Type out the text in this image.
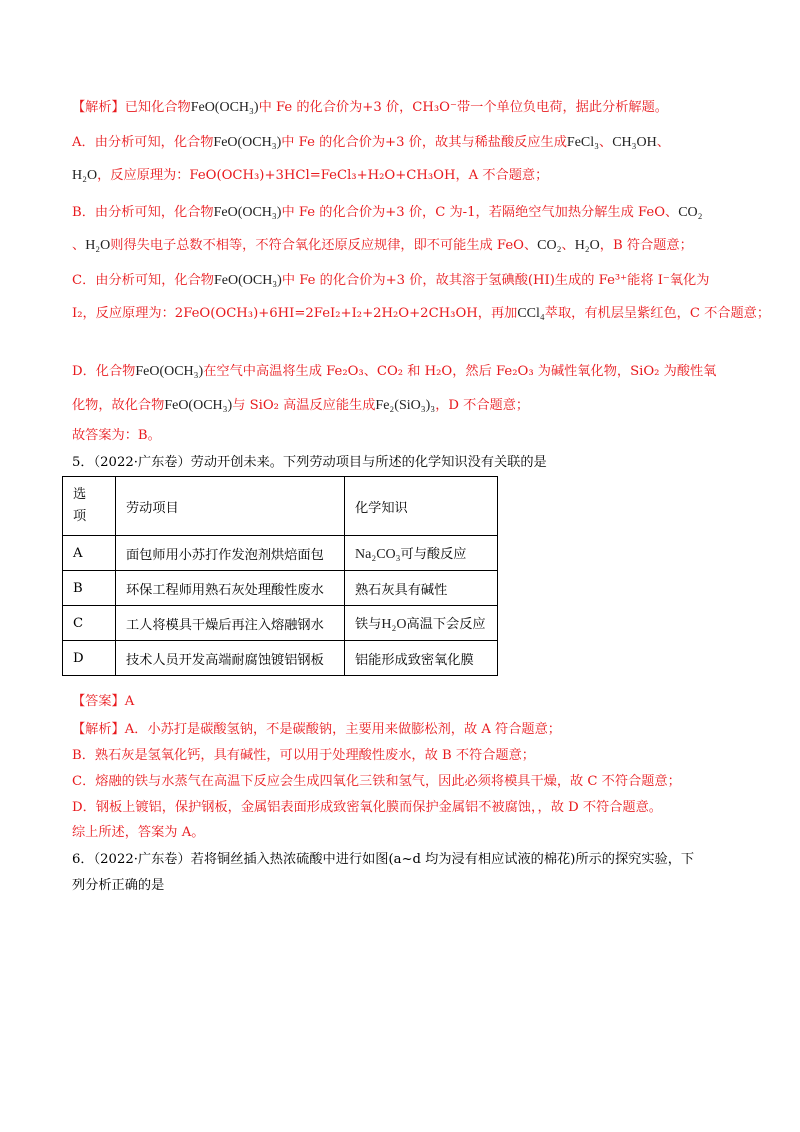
【解析】已知化合物FeO(OCH₃)中 Fe 的化合价为+3 价，CH₃O⁻带一个单位负电荷，据此分析解题。
A．由分析可知，化合物FeO(OCH₃)中 Fe 的化合价为+3 价，故其与稀盐酸反应生成FeCl₃、CH₃OH、
H₂O，反应原理为：FeO(OCH₃)+3HCl=FeCl₃+H₂O+CH₃OH，A 不合题意；
B．由分析可知，化合物FeO(OCH₃)中 Fe 的化合价为+3 价，C 为-1，若隔绝空气加热分解生成 FeO、CO₂
、H₂O则得失电子总数不相等，不符合氧化还原反应规律，即不可能生成 FeO、CO₂、H₂O，B 符合题意；
C．由分析可知，化合物FeO(OCH₃)中 Fe 的化合价为+3 价，故其溶于氢碘酸(HI)生成的 Fe³⁺能将 I⁻氧化为
I₂，反应原理为：2FeO(OCH₃)+6HI=2FeI₂+I₂+2H₂O+2CH₃OH，再加CCl₄萃取，有机层呈紫红色，C 不合题意；
D．化合物FeO(OCH₃)在空气中高温将生成 Fe₂O₃、CO₂ 和 H₂O，然后 Fe₂O₃ 为碱性氧化物，SiO₂ 为酸性氧
化物，故化合物FeO(OCH₃)与 SiO₂ 高温反应能生成Fe₂(SiO₃)₃，D 不合题意；
故答案为：B。
5．（2022·广东卷）劳动开创未来。下列劳动项目与所述的化学知识没有关联的是
选
项	劳动项目	化学知识
A	面包师用小苏打作发泡剂烘焙面包	Na₂CO₃可与酸反应
B	环保工程师用熟石灰处理酸性废水	熟石灰具有碱性
C	工人将模具干燥后再注入熔融钢水	铁与H₂O高温下会反应
D	技术人员开发高端耐腐蚀镀铝钢板	铝能形成致密氧化膜
【答案】A
【解析】A．小苏打是碳酸氢钠，不是碳酸钠，主要用来做膨松剂，故 A 符合题意；
B．熟石灰是氢氧化钙，具有碱性，可以用于处理酸性废水，故 B 不符合题意；
C．熔融的铁与水蒸气在高温下反应会生成四氧化三铁和氢气，因此必须将模具干燥，故 C 不符合题意；
D．钢板上镀铝，保护钢板，金属铝表面形成致密氧化膜而保护金属铝不被腐蚀，，故 D 不符合题意。
综上所述，答案为 A。
6．（2022·广东卷）若将铜丝插入热浓硫酸中进行如图(a~d 均为浸有相应试液的棉花)所示的探究实验，下
列分析正确的是
